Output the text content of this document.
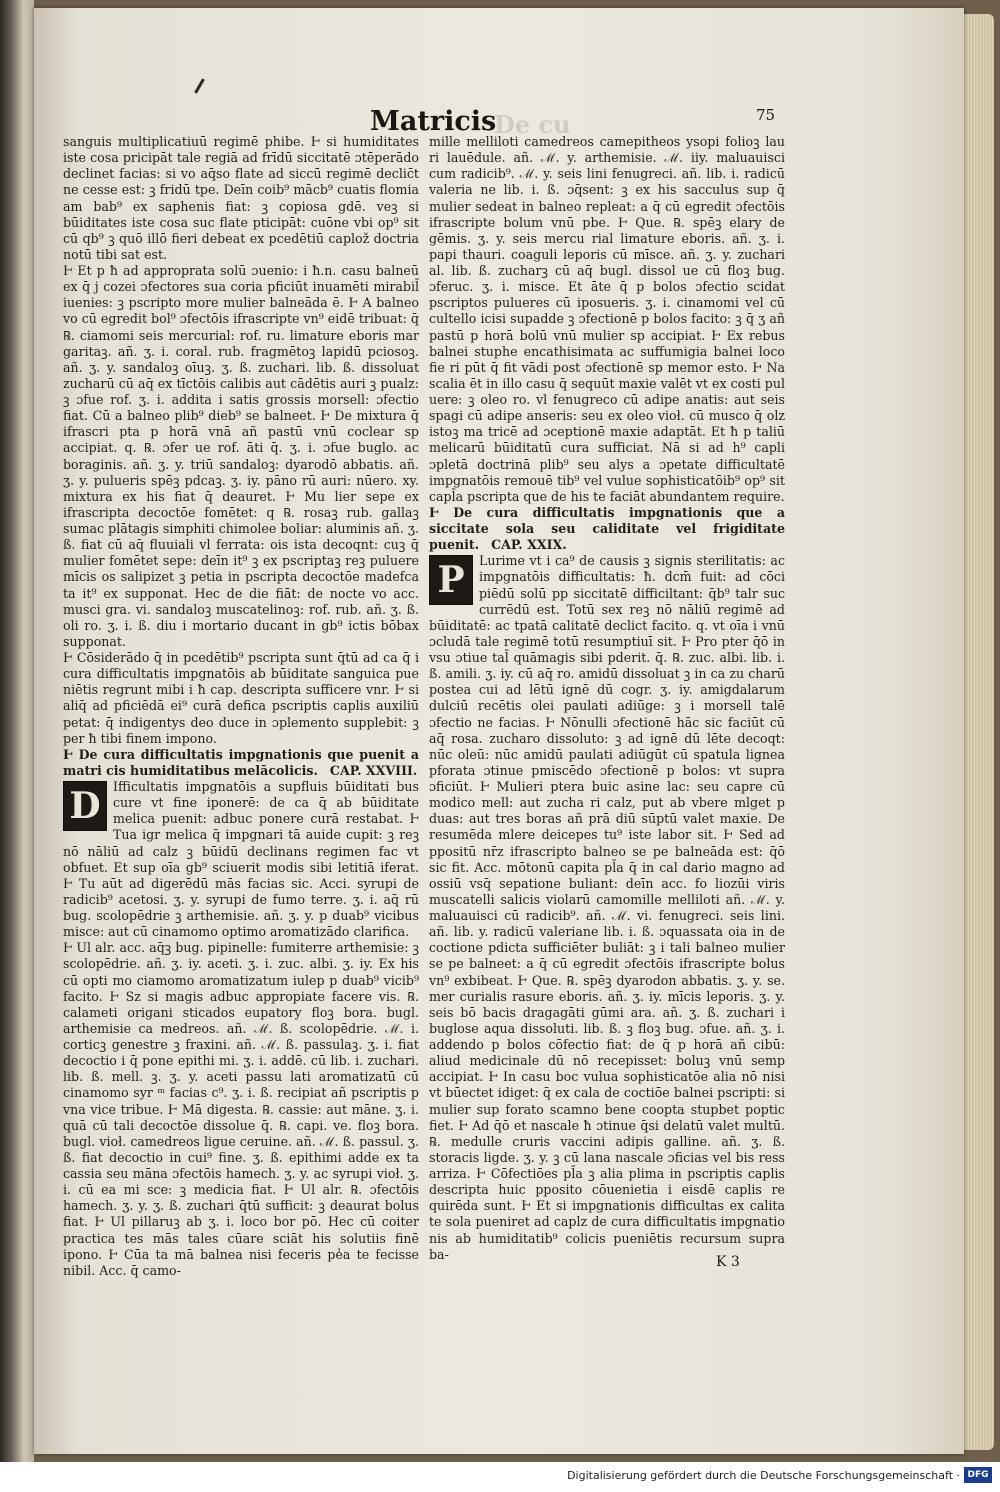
Matricis
De cu	75

sanguis multiplicatiuū regimē phibe. Ⱶ si humiditates iste cosa pricipāt tale regiā ad frīdū siccitatē ɔtēperādo declinet facias: si vo aq̄so flate ad siccū regimē declic̄t ne cesse est: ꝫ fridū tpe. Deīn coib⁹ mācb⁹ cuatis flomia am bab⁹ ex saphenis fiat: ꝫ copiosa gdē. veꝫ si būiditates iste cosa suc flate pticipāt: cuōne vbi op⁹ sit cū qb⁹ ꝫ quō illō fieri debeat ex pcedētiū caplož doctria notū tibi sat est.

Ⱶ Et p ħ ad approprata solū ɔuenio: i ħ.n. casu balneū ex q̄ j cozei ɔfectores sua coria pficiūt inuamēti mirabil̄ iuenies: ꝫ pscripto more mulier balneāda ē. Ⱶ A balneo vo cū egredit bol⁹ ɔfectōis ifrascripte vn⁹ eidē tribuat: q̄ ℞. ciamomi seis mercurial: rof. ru. limature eboris mar garitaꝫ. añ. ʒ. i. coral. rub. fragmētoꝫ lapidū pciosoꝫ. añ. ʒ. y. sandaloꝫ oīuꝫ. ʒ. ß. zuchari. lib. ß. dissoluat zucharū cū aq̄ ex tīctōis calibis aut cādētis auri ꝫ pualz: ꝫ ɔfue rof. ʒ. i. addita i satis grossis morsell: ɔfectio fiat. Cū a balneo plib⁹ dieb⁹ se balneet. Ⱶ De mixtura q̄ ifrascri pta p horā vnā añ pastū vnū coclear sp accipiat. q. ℞. ɔfer ue rof. āti q̄. ʒ. i. ɔfue buglo. ac boraginis. añ. ʒ. y. triū sandaloꝫ: dyarodō abbatis. añ. ʒ. y. pulueris spēꝫ pdcaꝫ. ʒ. iy. pāno rū auri: nūero. xy. mixtura ex his fiat q̄ deauret. Ⱶ Mu lier sepe ex ifrascripta decoctōe fomētet: q ℞. rosaꝫ rub. gallaꝫ sumac plātagis simphiti chimolee boliar: aluminis añ. ʒ. ß. fiat cū aq̄ fluuiali vl ferrata: ois ista decoqnt: cuꝫ q̄ mulier fomētet sepe: deīn it⁹ ꝫ ex pscriptaꝫ reꝫ puluere mīcis os salipizet ꝫ petia in pscripta decoctōe madefca ta it⁹ ex supponat. Hec de die fiāt: de nocte vo acc. musci gra. vi. sandaloꝫ muscatelinoꝫ: rof. rub. añ. ʒ. ß. oli ro. ʒ. i. ß. diu i mortario ducant in gb⁹ ictis bōbax supponat.

Ⱶ Cōsiderādo q̄ in pcedētib⁹ pscripta sunt q̄tū ad ca q̄ i cura difficultatis impgnatōis ab būiditate sanguica pue niētis regrunt mibi i ħ cap. descripta sufficere vnr. Ⱶ si aliq̄ ad pficiēdā ei⁹ curā defica pscriptis caplis auxiliū petat: q̄ indigentys deo duce in ɔplemento supplebit: ꝫ per ħ tibi finem impono.

Ⱶ De cura difficultatis impgnationis que puenit a matri cis humiditatibus melācolicis. CAP. XXVIII.

D Ifficultatis impgnatōis a supfluis būiditati bus cure vt fine iponerē: de ca q̄ ab būiditate melica puenit: adbuc ponere curā restabat. Ⱶ Tua igr melica q̄ impgnari tā auide cupit: ꝫ reꝫ nō nāliū ad calz ꝫ būidū declinans regimen fac vt obfuet. Et sup oīa gb⁹ sciuerit modis sibi letitiā iferat. Ⱶ Tu aūt ad digerēdū mās facias sic. Acci. syrupi de radicib⁹ acetosi. ʒ. y. syrupi de fumo terre. ʒ. i. aq̄ rū bug. scolopēdrie ꝫ arthemisie. añ. ʒ. y. p duab⁹ vicibus misce: aut cū cinamomo optimo aromatizādo clarifica.

Ⱶ Ul alr. acc. aq̄ꝫ bug. pipinelle: fumiterre arthemisie: ꝫ scolopēdrie. añ. ʒ. iy. aceti. ʒ. i. zuc. albi. ʒ. iy. Ex his cū opti mo ciamomo aromatizatum iulep p duab⁹ vicib⁹ facito. Ⱶ Sz si magis adbuc appropiate facere vis. ℞. calameti origani sticados eupatory floꝫ bora. bugl. arthemisie ca medreos. añ. ℳ. ß. scolopēdrie. ℳ. i. corticꝫ genestre ꝫ fraxini. añ. ℳ. ß. passulaꝫ. ʒ. i. fiat decoctio i q̄ pone epithi mi. ʒ. i. addē. cū lib. i. zuchari. lib. ß. mell. ꝫ. ʒ. y. aceti passu lati aromatizatū cū cinamomo syr ᵐ facias c⁹. ʒ. i. ß. recipiat añ pscriptis p vna vice tribue. Ⱶ Mā digesta. ℞. cassie: aut māne. ʒ. i. quā cū tali decoctōe dissolue q̄. ℞. capi. ve. floꝫ bora. bugl. vioł. camedreos ligue ceruine. añ. ℳ. ß. passul. ʒ. ß. fiat decoctio in cui⁹ fine. ʒ. ß. epithimi adde ex ta cassia seu māna ɔfectōis hamech. ʒ. y. ac syrupi vioł. ʒ. i. cū ea mi sce: ꝫ medicia fiat. Ⱶ Ul alr. ℞. ɔfectōis hamech. ʒ. y. ʒ. ß. zuchari q̄tū sufficit: ꝫ deaurat bolus fiat. Ⱶ Ul pillaruꝫ ab ʒ. i. loco bor pō. Hec cū coiter practica tes mās tales cūare sciāt his solutiis finē ipono. Ⱶ Cūa ta mā balnea nisi feceris pe̾a te fecisse nibil. Acc. q̄ camo-

mille melliloti camedreos camepitheos ysopi folioꝫ lau ri lauēdule. añ. ℳ. y. arthemisie. ℳ. iiy. maluauisci cum radicib⁹. ℳ. y. seis lini fenugreci. añ. lib. i. radicū valeria ne lib. i. ß. ɔq̄sent: ꝫ ex his sacculus sup q̄ mulier sedeat in balneo repleat: a q̄ cū egredit ɔfectōis ifrascripte bolum vnū pbe. Ⱶ Que. ℞. spēꝫ elary de gēmis. ʒ. y. seis mercu rial limature eboris. añ. ʒ. i. papi thauri. coaguli leporis cū mīsce. añ. ʒ. y. zuchari al. lib. ß. zucharꝫ cū aq̄ bugl. dissol ue cū floꝫ bug. ɔferuc. ʒ. i. misce. Et āte q̄ p bolos ɔfectio scidat pscriptos pulueres cū iposueris. ʒ. i. cinamomi vel cū cultello icisi supadde ꝫ ɔfectionē p bolos facito: ꝫ q̄ ʒ añ pastū p horā bolū vnū mulier sp accipiat. Ⱶ Ex rebus balnei stuphe encathisimata ac suffumigia balnei loco fie ri pūt q̄ fit vādi post ɔfectionē sp memor esto. Ⱶ Na scalia ēt in illo casu q̄ sequūt maxie valēt vt ex costi pul uere: ꝫ oleo ro. vl fenugreco cū adipe anatis: aut seis spagi cū adipe anseris: seu ex oleo vioł. cū musco q̄ olz istoꝫ ma tricē ad ɔceptionē maxie adaptāt. Et ħ p taliū melicarū būiditatū cura sufficiat. Nā si ad h⁹ capli ɔpletā doctrinā plib⁹ seu alys a ɔpetate difficultatē impgnatōis remouē tib⁹ vel vulue sophisticatōib⁹ op⁹ sit capl̄a pscripta que de his te faciāt abundantem require.

Ⱶ De cura difficultatis impgnationis que a siccitate sola seu caliditate vel frigiditate puenit. CAP. XXIX.

P	Lurime vt i ca⁹ de causis ꝫ signis sterilitatis: ac impgnatōis difficultatis: ħ. dcm̄ fuit: ad cōci piēdū solū pp siccitatē difficiltant: q̄b⁹ talr suc currēdū est. Totū sex reꝫ nō nāliū regimē ad būiditatē: ac tpatā calitatē declict facito. q. vt oīa i vnū ɔcludā tale regimē totū resumptiuī sit. Ⱶ Pro pter q̄ō in vsu ɔtiue tal̄ quāmagis sibi pderit. q̄. ℞. zuc. albi. lib. i. ß. amili. ʒ. iy. cū aq̄ ro. amidū dissoluat ꝫ in ca zu charū postea cui ad lētū ignē dū cogr. ʒ. iy. amigdalarum dulciū recētis olei paulati adiūge: ꝫ i morsell talē ɔfectio ne facias. Ⱶ Nōnulli ɔfectionē hāc sic faciūt cū aq̄ rosa. zucharo dissoluto: ꝫ ad ignē dū lēte decoqt: nūc oleū: nūc amidū paulati adiūgūt cū spatula lignea pforata ɔtinue pmiscēdo ɔfectionē p bolos: vt supra ɔficiūt. Ⱶ Mulieri ptera buic asine lac: seu capre cū modico mell: aut zucha ri calz, put ab vbere mlget p duas: aut tres boras añ prā diū sūptū valet maxie. De resumēda mlere deicepes tu⁹ iste labor sit. Ⱶ Sed ad ppositū nr̄z ifrascripto balneo se pe balneāda est: q̄ō sic fit. Acc. mōtonū capita pl̄a q̄ in cal dario magno ad ossiū vsq̄ sepatione buliant: deīn acc. fo liozūi viris muscatelli salicis violarū camomille melliloti añ. ℳ. y. maluauisci cū radicib⁹. añ. ℳ. vi. fenugreci. seis lini. añ. lib. y. radicū valeriane lib. i. ß. ɔquassata oia in de coctione pdicta sufficiēter buliāt: ꝫ i tali balneo mulier se pe balneet: a q̄ cū egredit ɔfectōis ifrascripte bolus vn⁹ exbibeat. Ⱶ Que. ℞. spēꝫ dyarodon abbatis. ʒ. y. se. mer curialis rasure eboris. añ. ʒ. iy. mīcis leporis. ʒ. y. seis bō bacis dragagāti gūmi ara. añ. ʒ. ß. zuchari i buglose aqua dissoluti. lib. ß. ꝫ floꝫ bug. ɔfue. añ. ʒ. i. addendo p bolos cōfectio fiat: de q̄ p horā añ cibū: aliud medicinale dū nō recepisset: boluꝫ vnū semp accipiat. Ⱶ In casu boc vulua sophisticatōe alia nō nisi vt būectet idiget: q̄ ex cala de coctiōe balnei pscripti: si mulier sup forato scamno bene coopta stupbet poptic fiet. Ⱶ Ad q̄ō et nascale ħ ɔtinue q̄si delatū valet multū. ℞. medulle cruris vaccini adipis galline. añ. ʒ. ß. storacis ligde. ʒ. y. ꝫ cū lana nascale ɔficias vel bis ress arriza. Ⱶ Cōfectiōes pl̄a ꝫ alia plima in pscriptis caplis descripta huic pposito cōuenietia i eisdē caplis re quirēda sunt. Ⱶ Et si impgnationis difficultas ex calita te sola pueniret ad caplz de cura difficultatis impgnatio nis ab humiditatib⁹ colicis pueniētis recursum supra ba-	K 3
Digitalisierung gefördert durch die Deutsche Forschungsgemeinschaft · DFG
